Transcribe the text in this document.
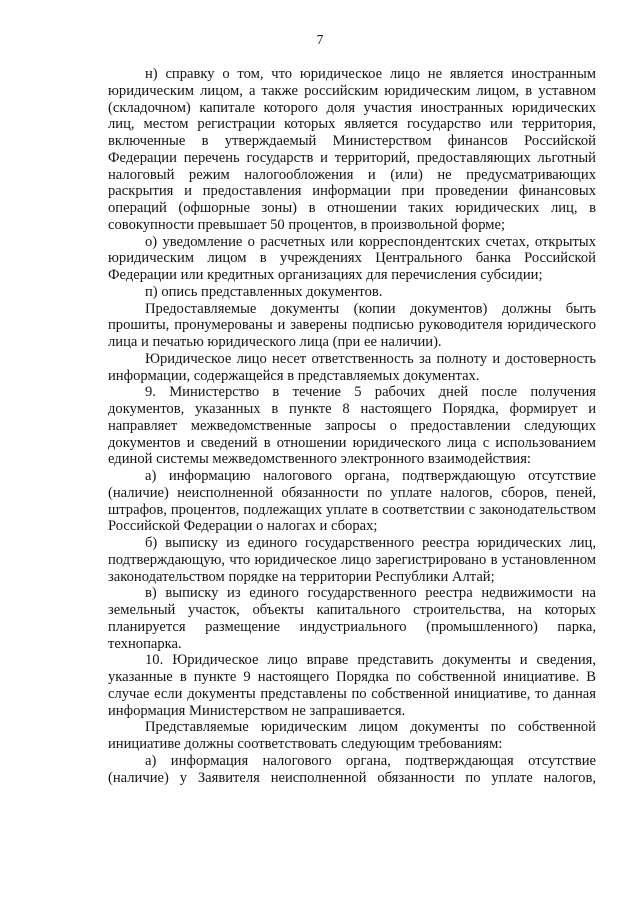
7

н) справку о том, что юридическое лицо не является иностранным юридическим лицом, а также российским юридическим лицом, в уставном (складочном) капитале которого доля участия иностранных юридических лиц, местом регистрации которых является государство или территория, включенные в утверждаемый Министерством финансов Российской Федерации перечень государств и территорий, предоставляющих льготный налоговый режим налогообложения и (или) не предусматривающих раскрытия и предоставления информации при проведении финансовых операций (офшорные зоны) в отношении таких юридических лиц, в совокупности превышает 50 процентов, в произвольной форме;

о) уведомление о расчетных или корреспондентских счетах, открытых юридическим лицом в учреждениях Центрального банка Российской Федерации или кредитных организациях для перечисления субсидии;

п) опись представленных документов.

Предоставляемые документы (копии документов) должны быть прошиты, пронумерованы и заверены подписью руководителя юридического лица и печатью юридического лица (при ее наличии).

Юридическое лицо несет ответственность за полноту и достоверность информации, содержащейся в представляемых документах.

9. Министерство в течение 5 рабочих дней после получения документов, указанных в пункте 8 настоящего Порядка, формирует и направляет межведомственные запросы о предоставлении следующих документов и сведений в отношении юридического лица с использованием единой системы межведомственного электронного взаимодействия:

а) информацию налогового органа, подтверждающую отсутствие (наличие) неисполненной обязанности по уплате налогов, сборов, пеней, штрафов, процентов, подлежащих уплате в соответствии с законодательством Российской Федерации о налогах и сборах;

б) выписку из единого государственного реестра юридических лиц, подтверждающую, что юридическое лицо зарегистрировано в установленном законодательством порядке на территории Республики Алтай;

в) выписку из единого государственного реестра недвижимости на земельный участок, объекты капитального строительства, на которых планируется размещение индустриального (промышленного) парка, технопарка.

10. Юридическое лицо вправе представить документы и сведения, указанные в пункте 9 настоящего Порядка по собственной инициативе. В случае если документы представлены по собственной инициативе, то данная информация Министерством не запрашивается.

Представляемые юридическим лицом документы по собственной инициативе должны соответствовать следующим требованиям:

а) информация налогового органа, подтверждающая отсутствие (наличие) у Заявителя неисполненной обязанности по уплате налогов,
